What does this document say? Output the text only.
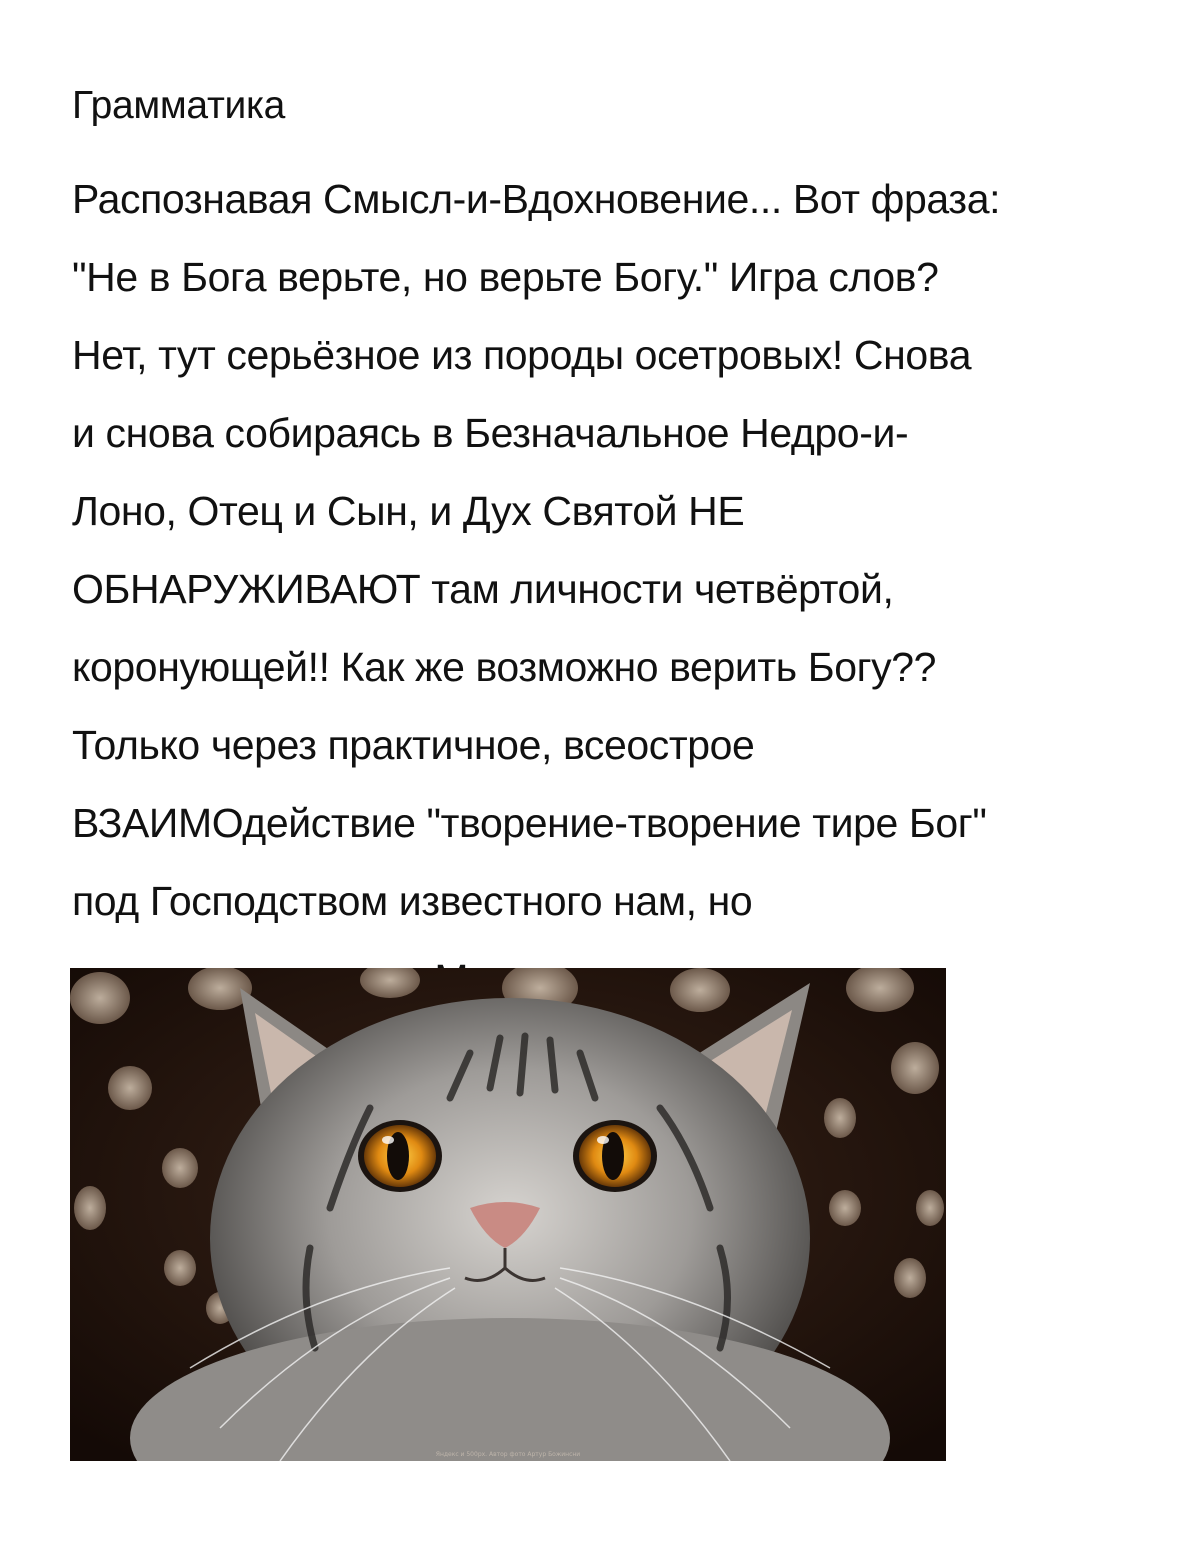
Грамматика
Распознавая Смысл-и-Вдохновение... Вот фраза:
"Не в Бога верьте, но верьте Богу." Игра слов?
Нет, тут серьёзное из породы осетровых! Снова
и снова собираясь в Безначальное Недро-и-
Лоно, Отец и Сын, и Дух Святой НЕ
ОБНАРУЖИВАЮТ там личности четвёртой,
коронующей!! Как же возможно верить Богу??
Только через практичное, всеострое
ВЗАИМОдействие "творение-творение тире Бог"
под Господством известного нам, но
Яндекс и 500px. Автор фото Артур Божинсни
